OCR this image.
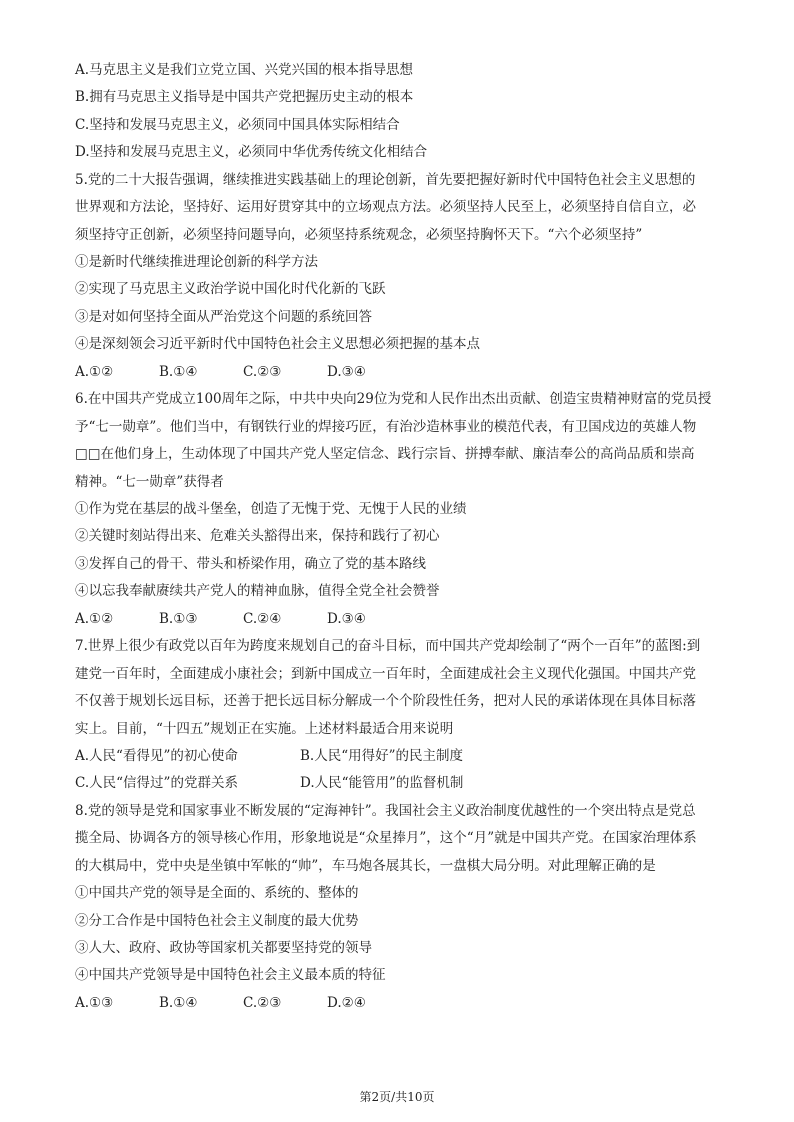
A.马克思主义是我们立党立国、兴党兴国的根本指导思想
B.拥有马克思主义指导是中国共产党把握历史主动的根本
C.坚持和发展马克思主义，必须同中国具体实际相结合
D.坚持和发展马克思主义，必须同中华优秀传统文化相结合
5.党的二十大报告强调，继续推进实践基础上的理论创新，首先要把握好新时代中国特色社会主义思想的
世界观和方法论，坚持好、运用好贯穿其中的立场观点方法。必须坚持人民至上，必须坚持自信自立，必
须坚持守正创新，必须坚持问题导向，必须坚持系统观念，必须坚持胸怀天下。“六个必须坚持”
①是新时代继续推进理论创新的科学方法
②实现了马克思主义政治学说中国化时代化新的飞跃
③是对如何坚持全面从严治党这个问题的系统回答
④是深刻领会习近平新时代中国特色社会主义思想必须把握的基本点
A.①②	B.①④	C.②③	D.③④
6.在中国共产党成立100周年之际，中共中央向29位为党和人民作出杰出贡献、创造宝贵精神财富的党员授
予“七一勋章”。他们当中，有钢铁行业的焊接巧匠，有治沙造林事业的模范代表，有卫国戍边的英雄人物
□□在他们身上，生动体现了中国共产党人坚定信念、践行宗旨、拼搏奉献、廉洁奉公的高尚品质和崇高
精神。“七一勋章”获得者
①作为党在基层的战斗堡垒，创造了无愧于党、无愧于人民的业绩
②关键时刻站得出来、危难关头豁得出来，保持和践行了初心
③发挥自己的骨干、带头和桥梁作用，确立了党的基本路线
④以忘我奉献赓续共产党人的精神血脉，值得全党全社会赞誉
A.①②	B.①③	C.②④	D.③④
7.世界上很少有政党以百年为跨度来规划自己的奋斗目标，而中国共产党却绘制了“两个一百年”的蓝图:到
建党一百年时，全面建成小康社会；到新中国成立一百年时，全面建成社会主义现代化强国。中国共产党
不仅善于规划长远目标，还善于把长远目标分解成一个个阶段性任务，把对人民的承诺体现在具体目标落
实上。目前，“十四五”规划正在实施。上述材料最适合用来说明
A.人民“看得见”的初心使命	B.人民“用得好”的民主制度
C.人民“信得过”的党群关系	D.人民“能管用”的监督机制
8.党的领导是党和国家事业不断发展的“定海神针”。我国社会主义政治制度优越性的一个突出特点是党总
揽全局、协调各方的领导核心作用，形象地说是“众星捧月”，这个“月”就是中国共产党。在国家治理体系
的大棋局中，党中央是坐镇中军帐的“帅”，车马炮各展其长，一盘棋大局分明。对此理解正确的是
①中国共产党的领导是全面的、系统的、整体的
②分工合作是中国特色社会主义制度的最大优势
③人大、政府、政协等国家机关都要坚持党的领导
④中国共产党领导是中国特色社会主义最本质的特征
A.①③	B.①④	C.②③	D.②④
第2页/共10页
